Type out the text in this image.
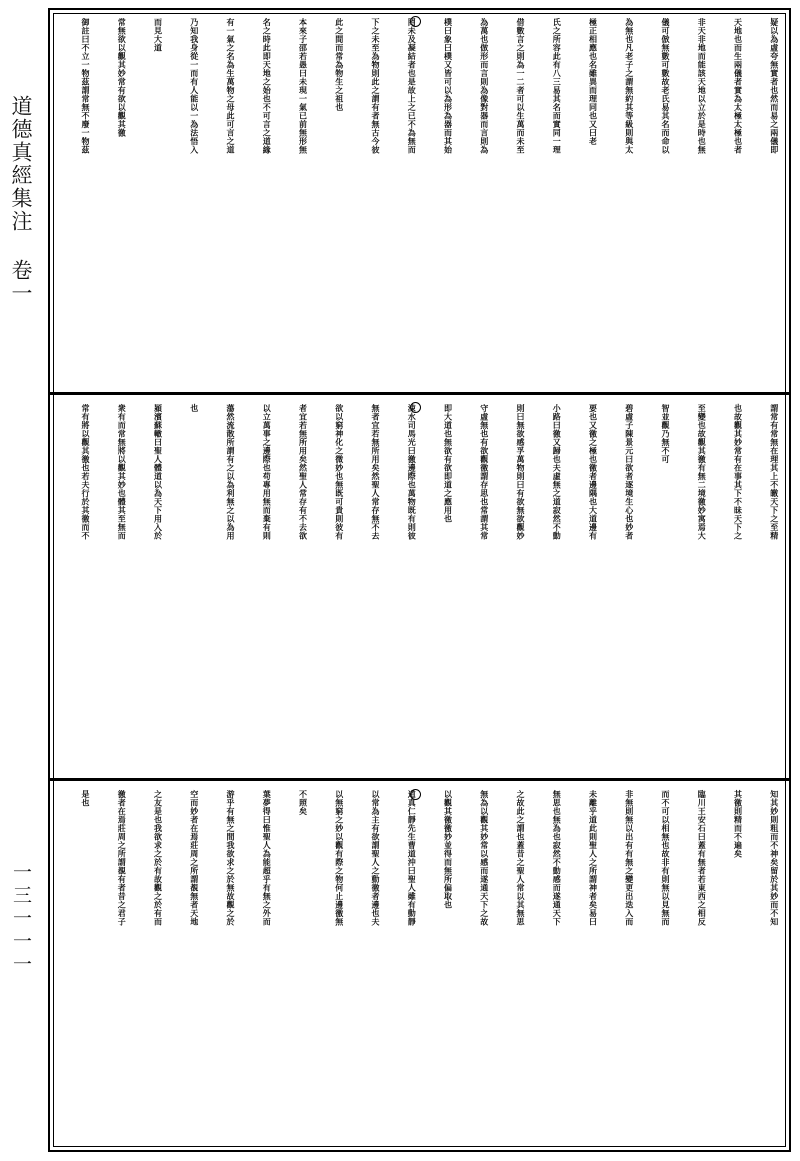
道德真經集注 卷一
一三一一一
疑以為虛夸無實者也然而易之兩儀即
天地也而生兩儀者實為太極太極也者
非天非地而能該天地以立於是時也無
儀可倣無數可數故老氏易其名而命以
為無也凡老子之謂無約其等級則與太
極正相應也名雖異而理同也又曰老
氏之所容此有八三易其名而實同一理
借數言之則為一二者可以生萬而未至
為萬也倣形而言則為像對器而言則為
樸曰象曰樸又皆可以為形為器而其始
罔未及凝結者也是故上之已不為無而
下之未至為物則此之謂有者無古今彼
此之間而常為物生之祖也
本來子邵若愚曰未現一氣已前無形無
名之時此即天地之始也不可言之道緣
有一氣之名為生萬物之母此可言之道
乃知我身從一而有人能以一為法悟入
而見大道
常無欲以觀其妙常有欲以觀其徼
御註曰不立一物茲謂常無不廢一物茲
謂常有常無在理其上不皦天下之至精
也故觀其妙常有在事其下不昧天下之
至變也故觀其徼有無二境徼妙寓焉大
智並觀乃無不可
碧虛子陳景元曰欲者逐境生心也妙者
要也又徼之極也徼者邊隅也大道邊有
小路曰徼又歸也夫虛無之道寂然不動
則曰無欲感孚萬物則曰有欲無欲觀妙
守虛無也有欲觀徼謂存思也常謂其常
即大道也無欲有欲即道之應用也
涑水司馬光曰徼邊際也萬物既有則彼
無者宜若無所用矣然聖人常存無不去
欲以窮神化之微妙也無既可貴則彼有
者宜若無所用矣然聖人常存有不去欲
以立萬事之邊際也苟專用無而棄有則
蕩然流散所謂有之以為利無之以為用
也
潁濱蘇轍曰聖人體道以為天下用入於
衆有而常無將以觀其妙也體其至無而
常有將以觀其徼也若夫行於其徼而不
知其妙則粗而不神矣留於其妙而不知
其徼則精而不遍矣
臨川王安石曰蓋有無者若東西之相反
而不可以相無也故非有則無以見無而
非無則無以出有有無之變更出迭入而
未離乎道此則聖人之所謂神者矣易曰
無思也無為也寂然不動感而遂通天下
之故此之謂也蓋昔之聖人常以其無思
無為以觀其妙常以感而遂通天下之故
以觀其徼徼妙並得而無所偏取也
道真仁靜先生曹道沖曰聖人雖有動靜
以常為主有欲謂聖人之動徼者邊也夫
以無窮之妙以觀有際之物何止邊徼無
不照矣
葉夢得曰惟聖人為能超乎有無之外而
游乎有無之間我欲求之於無故觀之於
空而妙者在焉莊周之所謂覩無者天地
之友是也我欲求之於有故觀之於有而
徼者在焉莊周之所謂覩有者昔之君子
是也
